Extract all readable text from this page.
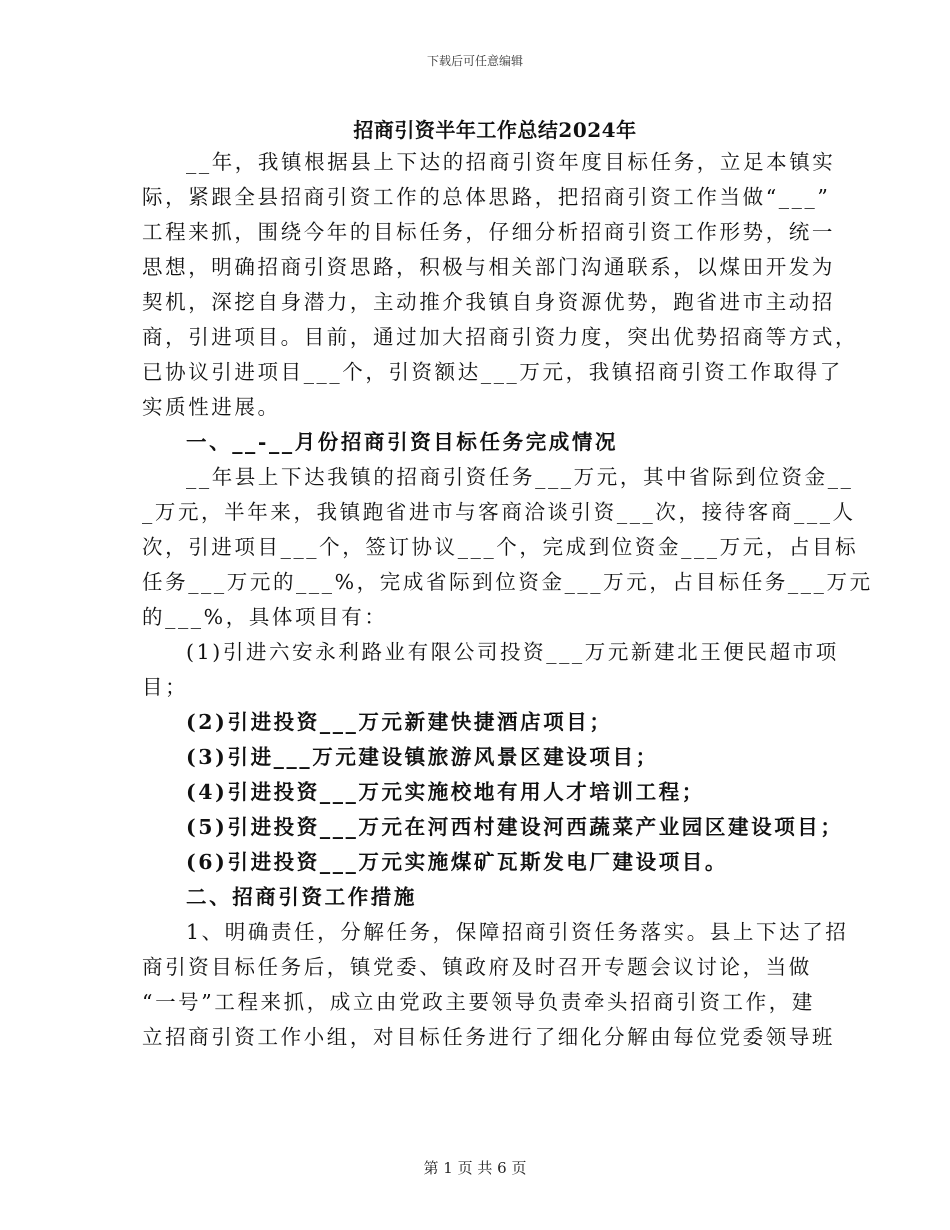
下载后可任意编辑
招商引资半年工作总结2024年
__年，我镇根据县上下达的招商引资年度目标任务，立足本镇实
际，紧跟全县招商引资工作的总体思路，把招商引资工作当做“___”
工程来抓，围绕今年的目标任务，仔细分析招商引资工作形势，统一
思想，明确招商引资思路，积极与相关部门沟通联系，以煤田开发为
契机，深挖自身潜力，主动推介我镇自身资源优势，跑省进市主动招
商，引进项目。目前，通过加大招商引资力度，突出优势招商等方式，
已协议引进项目___个，引资额达___万元，我镇招商引资工作取得了
实质性进展。
一、__-__月份招商引资目标任务完成情况
__年县上下达我镇的招商引资任务___万元，其中省际到位资金__
_万元，半年来，我镇跑省进市与客商洽谈引资___次，接待客商___人
次，引进项目___个，签订协议___个，完成到位资金___万元，占目标
任务___万元的___%，完成省际到位资金___万元，占目标任务___万元
的___%，具体项目有：
(1)引进六安永利​路业有限公司投资___万元新建北王便民超市项
目；
(2)引进投资___万元新建快捷酒店项目；
(3)引进___万元建设镇旅游风景区建设项目；
(4)引进投资___万元实施校地有用人才培训工程；
(5)引进投资___万元在河西村建设河西蔬菜产业园区建设项目；
(6)引进投资___万元实施煤矿瓦斯发电厂建设项目。
二、招商引资工作措施
1、明确责任，分解任务，保障招商引资任务落实。县上下达了招
商引资目标任务后，镇党委、镇政府及时召开专题会议讨论，当做
“一号”工程来抓，成立由党政主要领导负责牵头招商引资工作，建
立招商引资工作小组，对目标任务进行了细化分解由每位党委领导班
第 1 页 共 6 页
